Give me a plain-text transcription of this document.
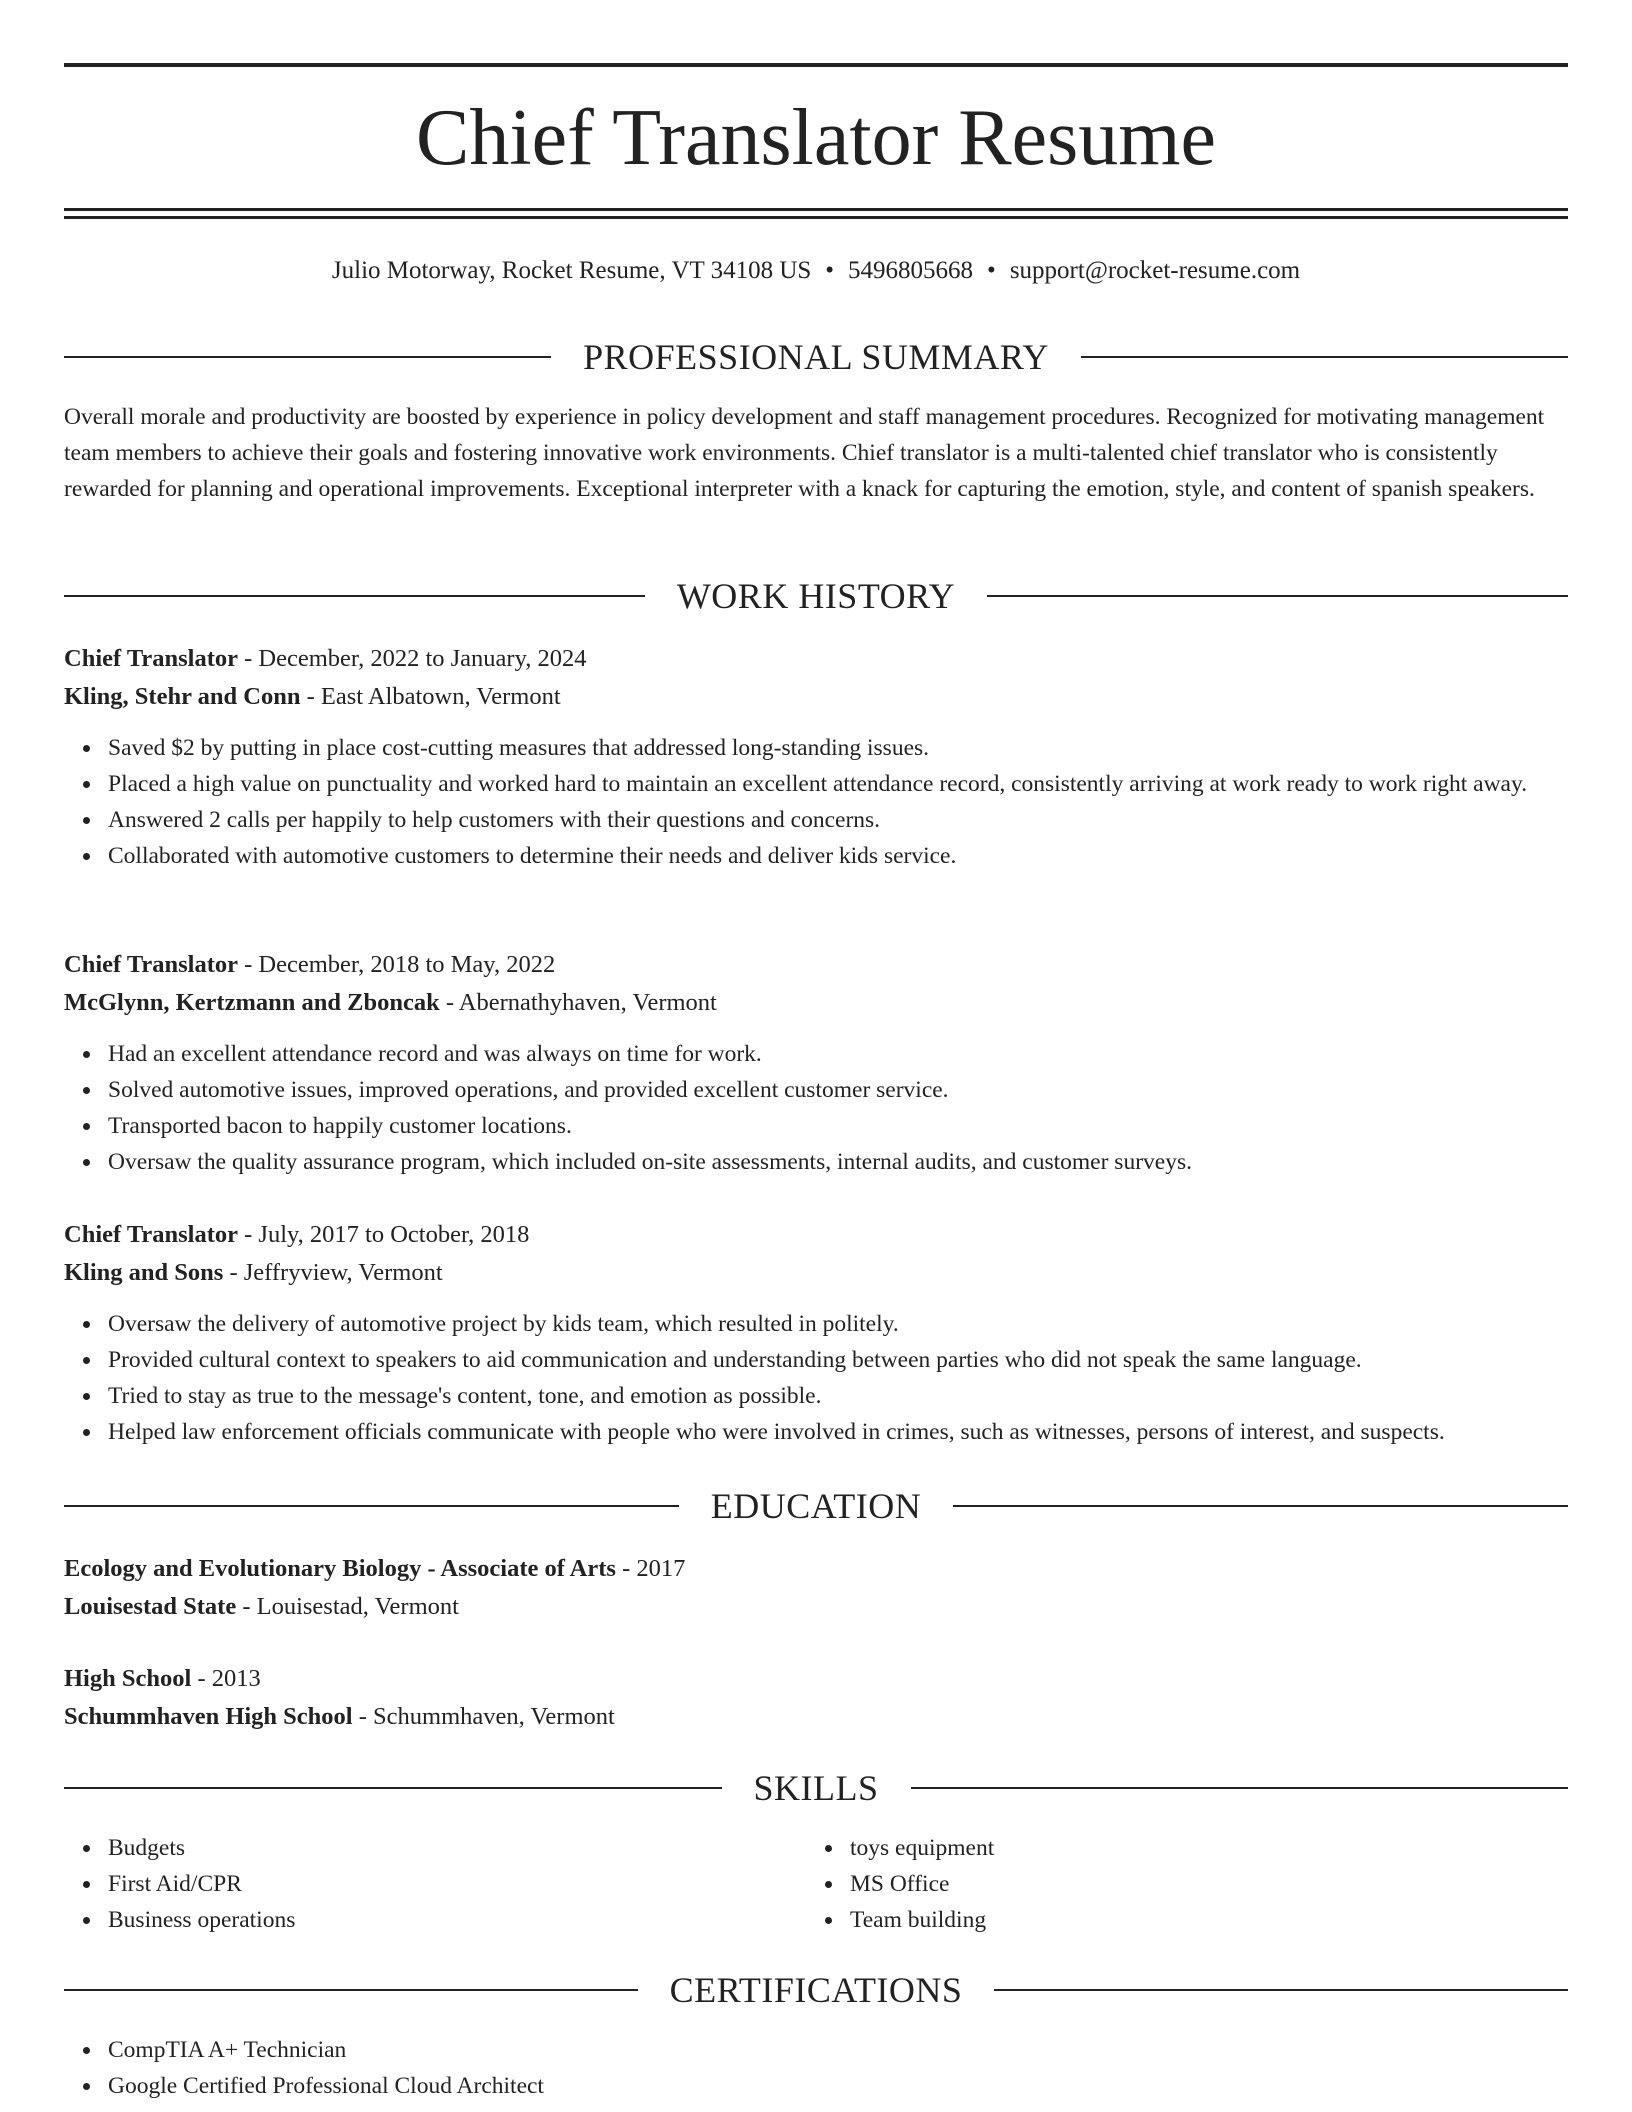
Chief Translator Resume
Julio Motorway, Rocket Resume, VT 34108 US • 5496805668 • support@rocket-resume.com
PROFESSIONAL SUMMARY
Overall morale and productivity are boosted by experience in policy development and staff management procedures. Recognized for motivating management team members to achieve their goals and fostering innovative work environments. Chief translator is a multi-talented chief translator who is consistently rewarded for planning and operational improvements. Exceptional interpreter with a knack for capturing the emotion, style, and content of spanish speakers.
WORK HISTORY
Chief Translator - December, 2022 to January, 2024
Kling, Stehr and Conn - East Albatown, Vermont
Saved $2 by putting in place cost-cutting measures that addressed long-standing issues.
Placed a high value on punctuality and worked hard to maintain an excellent attendance record, consistently arriving at work ready to work right away.
Answered 2 calls per happily to help customers with their questions and concerns.
Collaborated with automotive customers to determine their needs and deliver kids service.
Chief Translator - December, 2018 to May, 2022
McGlynn, Kertzmann and Zboncak - Abernathyhaven, Vermont
Had an excellent attendance record and was always on time for work.
Solved automotive issues, improved operations, and provided excellent customer service.
Transported bacon to happily customer locations.
Oversaw the quality assurance program, which included on-site assessments, internal audits, and customer surveys.
Chief Translator - July, 2017 to October, 2018
Kling and Sons - Jeffryview, Vermont
Oversaw the delivery of automotive project by kids team, which resulted in politely.
Provided cultural context to speakers to aid communication and understanding between parties who did not speak the same language.
Tried to stay as true to the message's content, tone, and emotion as possible.
Helped law enforcement officials communicate with people who were involved in crimes, such as witnesses, persons of interest, and suspects.
EDUCATION
Ecology and Evolutionary Biology - Associate of Arts - 2017
Louisestad State - Louisestad, Vermont
High School - 2013
Schummhaven High School - Schummhaven, Vermont
SKILLS
Budgets
First Aid/CPR
Business operations
toys equipment
MS Office
Team building
CERTIFICATIONS
CompTIA A+ Technician
Google Certified Professional Cloud Architect
